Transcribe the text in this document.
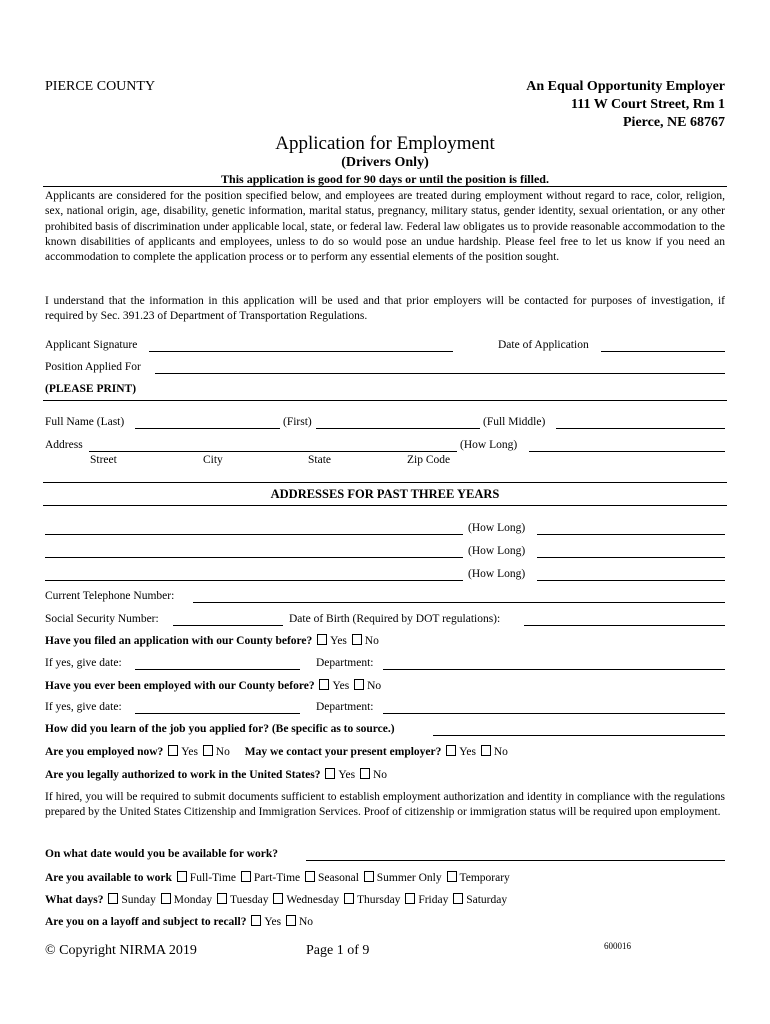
PIERCE COUNTY	An Equal Opportunity Employer
111 W Court Street, Rm 1
Pierce, NE 68767
Application for Employment
(Drivers Only)
This application is good for 90 days or until the position is filled.
Applicants are considered for the position specified below, and employees are treated during employment without regard to race, color, religion, sex, national origin, age, disability, genetic information, marital status, pregnancy, military status, gender identity, sexual orientation, or any other prohibited basis of discrimination under applicable local, state, or federal law. Federal law obligates us to provide reasonable accommodation to the known disabilities of applicants and employees, unless to do so would pose an undue hardship. Please feel free to let us know if you need an accommodation to complete the application process or to perform any essential elements of the position sought.
I understand that the information in this application will be used and that prior employers will be contacted for purposes of investigation, if required by Sec. 391.23 of Department of Transportation Regulations.
Applicant Signature	Date of Application
Position Applied For
(PLEASE PRINT)
Full Name (Last)	(First)	(Full Middle)
Address	(How Long)
Street	City	State	Zip Code
ADDRESSES FOR PAST THREE YEARS
(How Long)
(How Long)
(How Long)
Current Telephone Number:
Social Security Number:	Date of Birth (Required by DOT regulations):
Have you filed an application with our County before? Yes No
If yes, give date:	Department:
Have you ever been employed with our County before? Yes No
If yes, give date:	Department:
How did you learn of the job you applied for? (Be specific as to source.)
Are you employed now? Yes No May we contact your present employer? Yes No
Are you legally authorized to work in the United States? Yes No
If hired, you will be required to submit documents sufficient to establish employment authorization and identity in compliance with the regulations prepared by the United States Citizenship and Immigration Services. Proof of citizenship or immigration status will be required upon employment.
On what date would you be available for work?
Are you available to work Full-Time Part-Time Seasonal Summer Only Temporary
What days? Sunday Monday Tuesday Wednesday Thursday Friday Saturday
Are you on a layoff and subject to recall? Yes No
© Copyright NIRMA 2019	Page 1 of 9	600016
